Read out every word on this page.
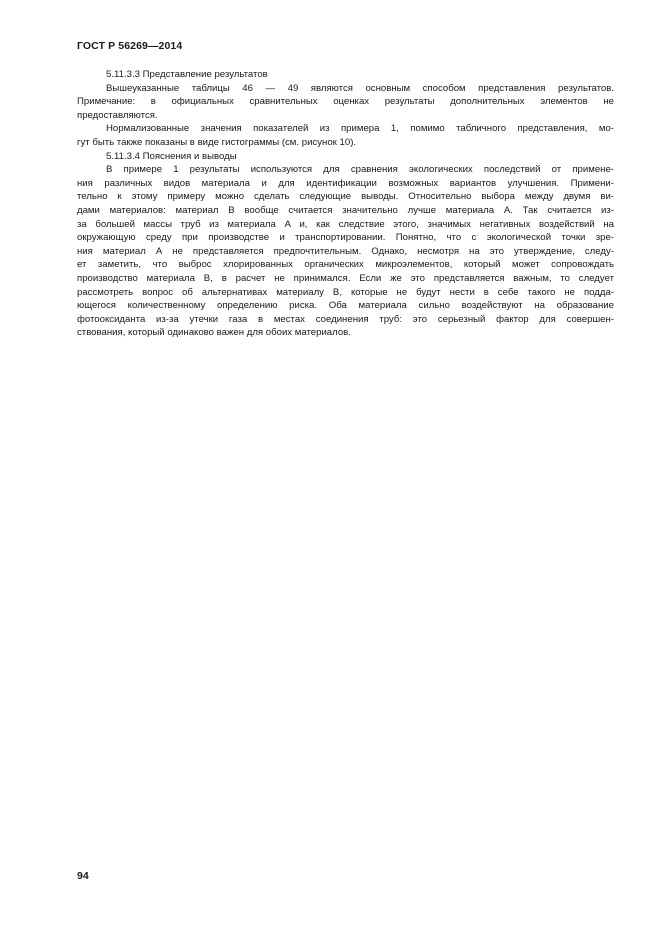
ГОСТ Р 56269—2014
5.11.3.3 Представление результатов
Вышеуказанные таблицы 46 — 49 являются основным способом представления результатов.
Примечание: в официальных сравнительных оценках результаты дополнительных элементов не
предоставляются.
Нормализованные значения показателей из примера 1, помимо табличного представления, мо-
гут быть также показаны в виде гистограммы (см. рисунок 10).
5.11.3.4 Пояснения и выводы
В примере 1 результаты используются для сравнения экологических последствий от примене-
ния различных видов материала и для идентификации возможных вариантов улучшения. Примени-
тельно к этому примеру можно сделать следующие выводы. Относительно выбора между двумя ви-
дами материалов: материал В вообще считается значительно лучше материала А. Так считается из-
за большей массы труб из материала А и, как следствие этого, значимых негативных воздействий на
окружающую среду при производстве и транспортировании. Понятно, что с экологической точки зре-
ния материал А не представляется предпочтительным. Однако, несмотря на это утверждение, следу-
ет заметить, что выброс хлорированных органических микроэлементов, который может сопровождать
производство материала В, в расчет не принимался. Если же это представляется важным, то следует
рассмотреть вопрос об альтернативах материалу В, которые не будут нести в себе такого не подда-
ющегося количественному определению риска. Оба материала сильно воздействуют на образование
фотооксиданта из-за утечки газа в местах соединения труб: это серьезный фактор для совершен-
ствования, который одинаково важен для обоих материалов.
94
